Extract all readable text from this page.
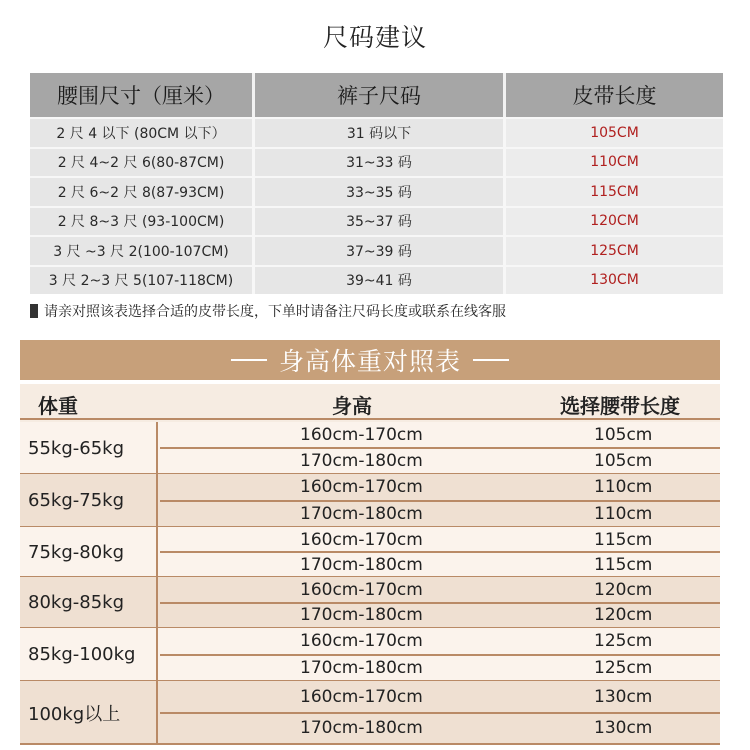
尺码建议
腰围尺寸（厘米）	裤子尺码	皮带长度
2 尺 4 以下 (80CM 以下）	31 码以下	105CM
2 尺 4~2 尺 6(80-87CM)	31~33 码	110CM
2 尺 6~2 尺 8(87-93CM)	33~35 码	115CM
2 尺 8~3 尺 (93-100CM)	35~37 码	120CM
3 尺 ~3 尺 2(100-107CM)	37~39 码	125CM
3 尺 2~3 尺 5(107-118CM)	39~41 码	130CM
请亲对照该表选择合适的皮带长度，下单时请备注尺码长度或联系在线客服
身高体重对照表
体重	身高	选择腰带长度
55kg-65kg
160cm-170cm	105cm
170cm-180cm	105cm
65kg-75kg
160cm-170cm	110cm
170cm-180cm	110cm
75kg-80kg
160cm-170cm	115cm
170cm-180cm	115cm
80kg-85kg
160cm-170cm	120cm
170cm-180cm	120cm
85kg-100kg
160cm-170cm	125cm
170cm-180cm	125cm
100kg以上
160cm-170cm	130cm
170cm-180cm	130cm
